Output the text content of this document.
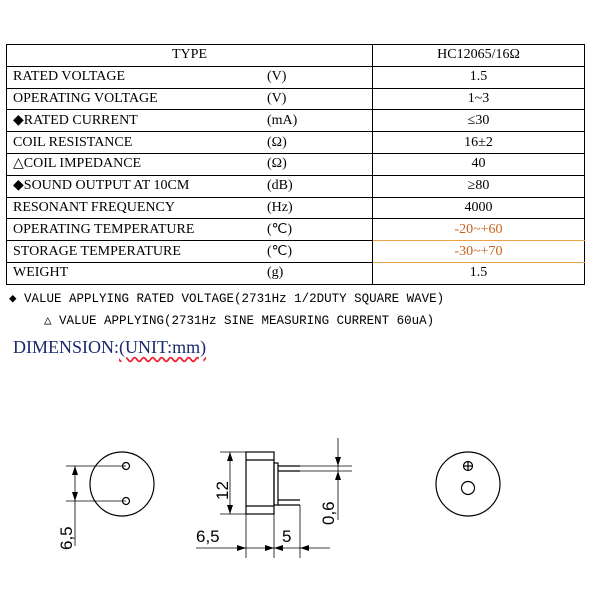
TYPE	HC12065/16Ω
RATED VOLTAGE (V)	1.5
OPERATING VOLTAGE (V)	1~3
◆RATED CURRENT (mA)	≤30
COIL RESISTANCE (Ω)	16±2
△COIL IMPEDANCE (Ω)	40
◆SOUND OUTPUT AT 10CM (dB)	≥80
RESONANT FREQUENCY (Hz)	4000
OPERATING TEMPERATURE (℃)	-20~+60
STORAGE TEMPERATURE (℃)	-30~+70
WEIGHT (g)	1.5
◆ VALUE APPLYING RATED VOLTAGE(2731Hz 1/2DUTY SQUARE WAVE)
△ VALUE APPLYING(2731Hz SINE MEASURING CURRENT 60uA)
DIMENSION:(UNIT:mm)
6,5
12
6,5	5
0,6
